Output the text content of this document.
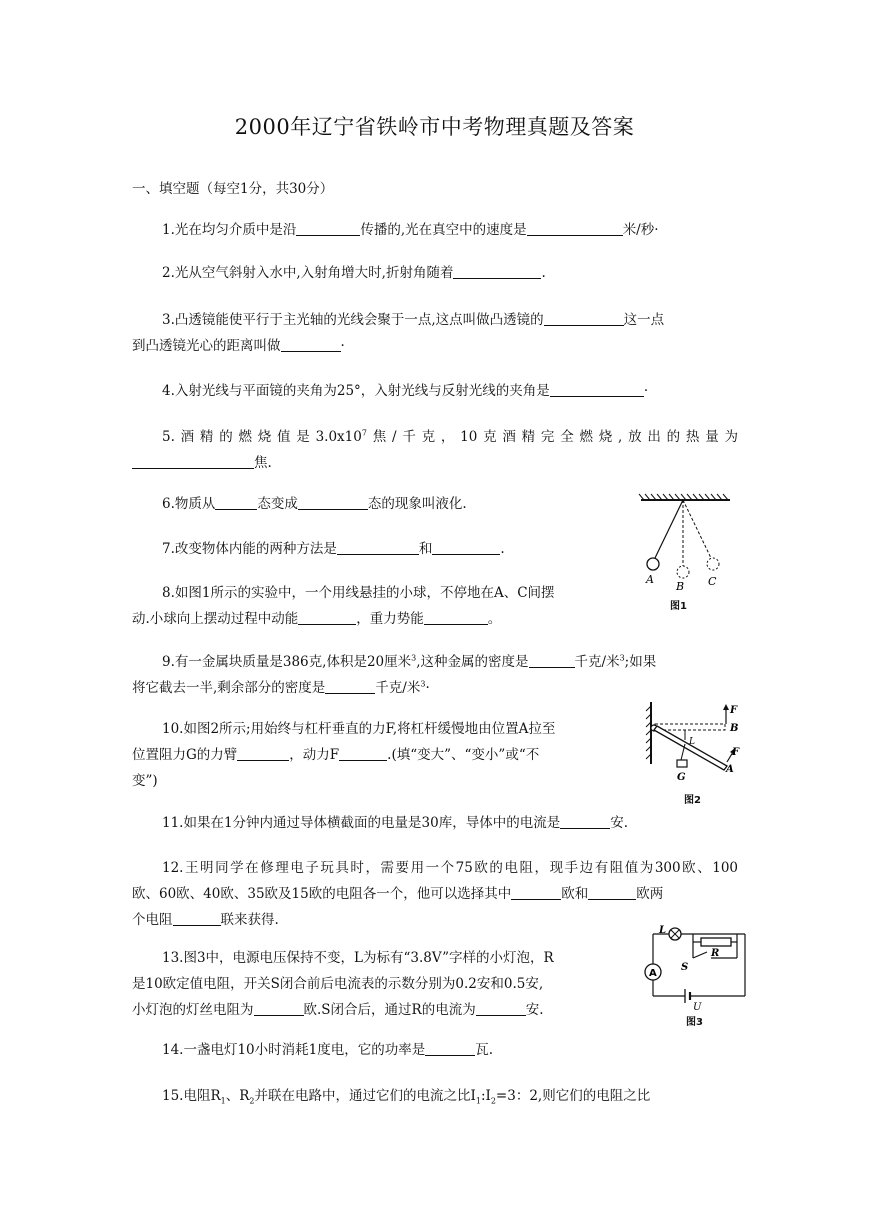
2000年辽宁省铁岭市中考物理真题及答案
一、填空题（每空1分，共30分）
1.光在均匀介质中是沿	传播的,光在真空中的速度是	米/秒·
2.光从空气斜射入水中,入射角增大时,折射角随着	.
3.凸透镜能使平行于主光轴的光线会聚于一点,这点叫做凸透镜的	这一点
到凸透镜光心的距离叫做	·
4.入射光线与平面镜的夹角为25°，入射光线与反射光线的夹角是	·
5.酒精的燃烧值是$3.0x10^7$焦/千克，10克酒精完全燃烧,放出的热量为
焦.
6.物质从	态变成	态的现象叫液化.
7.改变物体内能的两种方法是	和	.
8.如图1所示的实验中，一个用线悬挂的小球，不停地在A、C间摆
动.小球向上摆动过程中动能	，重力势能	。
9.有一金属块质量是386克,体积是20厘米$^3$,这种金属的密度是	千克/米$^3$;如果
将它截去一半,剩余部分的密度是	千克/米$^3$·
10.如图2所示;用始终与杠杆垂直的力F,将杠杆缓慢地由位置A拉至
位置阻力G的力臂	，动力F	.(填“变大”、“变小”或“不
变”)
11.如果在1分钟内通过导体横截面的电量是30库，导体中的电流是	安.
12.王明同学在修理电子玩具时，需要用一个75欧的电阻，现手边有阻值为300欧、100
欧、60欧、40欧、35欧及15欧的电阻各一个，他可以选择其中	欧和	欧两
个电阻	联来获得.
13.图3中，电源电压保持不变，L为标有“3.8V”字样的小灯泡，R
是10欧定值电阻，开关S闭合前后电流表的示数分别为0.2安和0.5安,
小灯泡的灯丝电阻为	欧.S闭合后，通过R的电流为	安.
14.一盏电灯10小时消耗1度电，它的功率是	瓦.
15.电阻$R_1$、$R_2$并联在电路中，通过它们的电流之比$I_1:I_2=3$：2,则它们的电阻之比
A
B C
图1
F
B
F
A
L
G
图2
A
L
R
S
U
图3
